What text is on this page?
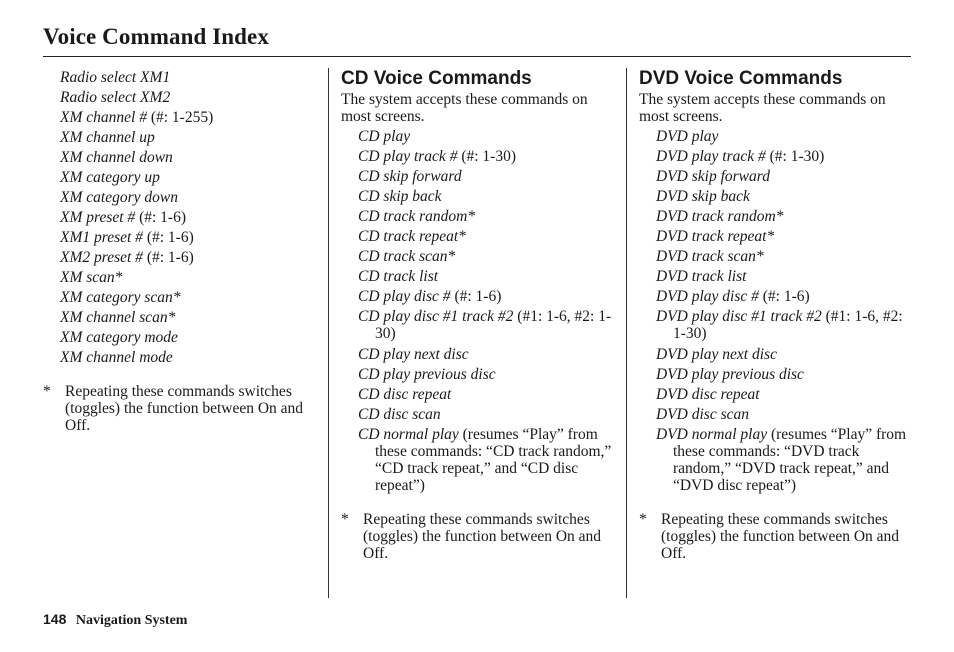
Voice Command Index
Radio select XM1
Radio select XM2
XM channel # (#: 1-255)
XM channel up
XM channel down
XM category up
XM category down
XM preset # (#: 1-6)
XM1 preset # (#: 1-6)
XM2 preset # (#: 1-6)
XM scan*
XM category scan*
XM channel scan*
XM category mode
XM channel mode
* Repeating these commands switches (toggles) the function between On and Off.
CD Voice Commands
The system accepts these commands on most screens.
CD play
CD play track # (#: 1-30)
CD skip forward
CD skip back
CD track random*
CD track repeat*
CD track scan*
CD track list
CD play disc # (#: 1-6)
CD play disc #1 track #2 (#1: 1-6, #2: 1-30)
CD play next disc
CD play previous disc
CD disc repeat
CD disc scan
CD normal play (resumes “Play” from these commands: “CD track random,” “CD track repeat,” and “CD disc repeat”)
* Repeating these commands switches (toggles) the function between On and Off.
DVD Voice Commands
The system accepts these commands on most screens.
DVD play
DVD play track # (#: 1-30)
DVD skip forward
DVD skip back
DVD track random*
DVD track repeat*
DVD track scan*
DVD track list
DVD play disc # (#: 1-6)
DVD play disc #1 track #2 (#1: 1-6, #2: 1-30)
DVD play next disc
DVD play previous disc
DVD disc repeat
DVD disc scan
DVD normal play (resumes “Play” from these commands: “DVD track random,” “DVD track repeat,” and “DVD disc repeat”)
* Repeating these commands switches (toggles) the function between On and Off.
148 Navigation System
